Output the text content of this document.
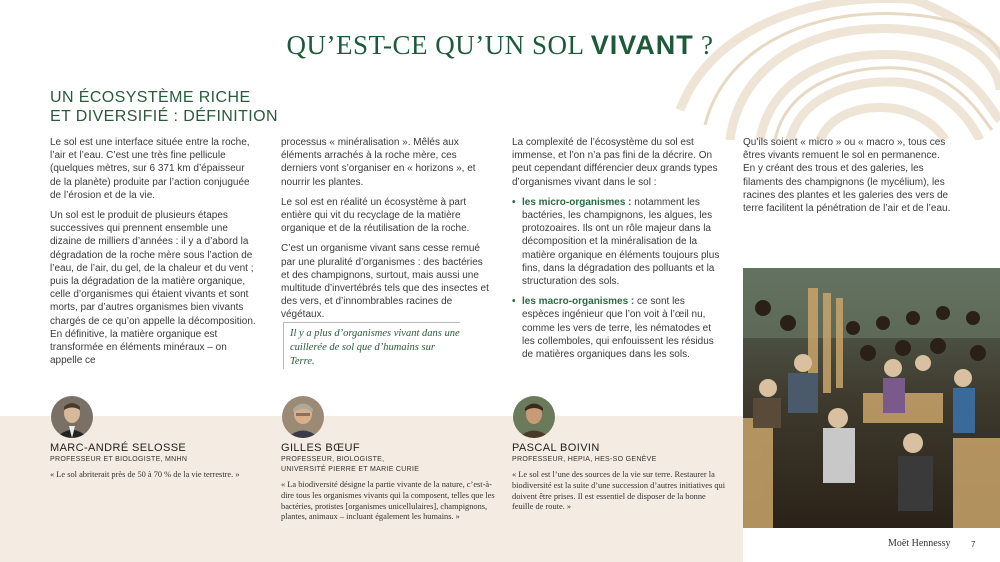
QU’EST-CE QU’UN SOL VIVANT ?
UN ÉCOSYSTÈME RICHE
ET DIVERSIFIÉ : DÉFINITION

Le sol est une interface située entre la roche, l’air et l’eau. C’est une très fine pellicule (quelques mètres, sur 6 371 km d’épaisseur de la planète) produite par l’action conjuguée de l’érosion et de la vie.

Un sol est le produit de plusieurs étapes successives qui prennent ensemble une dizaine de milliers d’années : il y a d’abord la dégradation de la roche mère sous l’action de l’eau, de l’air, du gel, de la chaleur et du vent ; puis la dégradation de la matière organique, celle d’organismes qui étaient vivants et sont morts, par d’autres organismes bien vivants chargés de ce qu’on appelle la décomposition. En définitive, la matière organique est transformée en éléments minéraux – on appelle ce

processus « minéralisation ». Mêlés aux éléments arrachés à la roche mère, ces derniers vont s’organiser en « horizons », et nourrir les plantes.

Le sol est en réalité un écosystème à part entière qui vit du recyclage de la matière organique et de la réutilisation de la roche.

C’est un organisme vivant sans cesse remué par une pluralité d’organismes : des bactéries et des champignons, surtout, mais aussi une multitude d’invertébrés tels que des insectes et des vers, et d’innombrables racines de végétaux.

Il y a plus d’organismes vivant dans une cuillerée de sol que d’humains sur Terre.

La complexité de l’écosystème du sol est immense, et l’on n’a pas fini de la décrire. On peut cependant différencier deux grands types d’organismes vivant dans le sol :

• les micro-organismes : notamment les bactéries, les champignons, les algues, les protozoaires. Ils ont un rôle majeur dans la décomposition et la minéralisation de la matière organique en éléments toujours plus fins, dans la dégradation des polluants et la structuration des sols.
• les macro-organismes : ce sont les espèces ingénieur que l’on voit à l’œil nu, comme les vers de terre, les nématodes et les collemboles, qui enfouissent les résidus de matières organiques dans les sols.

Qu’ils soient « micro » ou « macro », tous ces êtres vivants remuent le sol en permanence. En y créant des trous et des galeries, les filaments des champignons (le mycélium), les racines des plantes et les galeries des vers de terre facilitent la pénétration de l’air et de l’eau.

MARC-ANDRÉ SELOSSE
PROFESSEUR ET BIOLOGISTE, MNHN
« Le sol abriterait près de 50 à 70 % de la vie terrestre. »
GILLES BŒUF
PROFESSEUR, BIOLOGISTE,
UNIVERSITÉ PIERRE ET MARIE CURIE
« La biodiversité désigne la partie vivante de la nature, c’est-à-dire tous les organismes vivants qui la composent, telles que les bactéries, protistes [organismes unicellulaires], champignons, plantes, animaux – incluant également les humains. »
PASCAL BOIVIN
PROFESSEUR, HEPIA, HES-SO GENÈVE
« Le sol est l’une des sources de la vie sur terre. Restaurer la biodiversité est la suite d’une succession d’autres initiatives qui doivent être prises. Il est essentiel de disposer de la bonne feuille de route. »
Moët Hennessy	7
